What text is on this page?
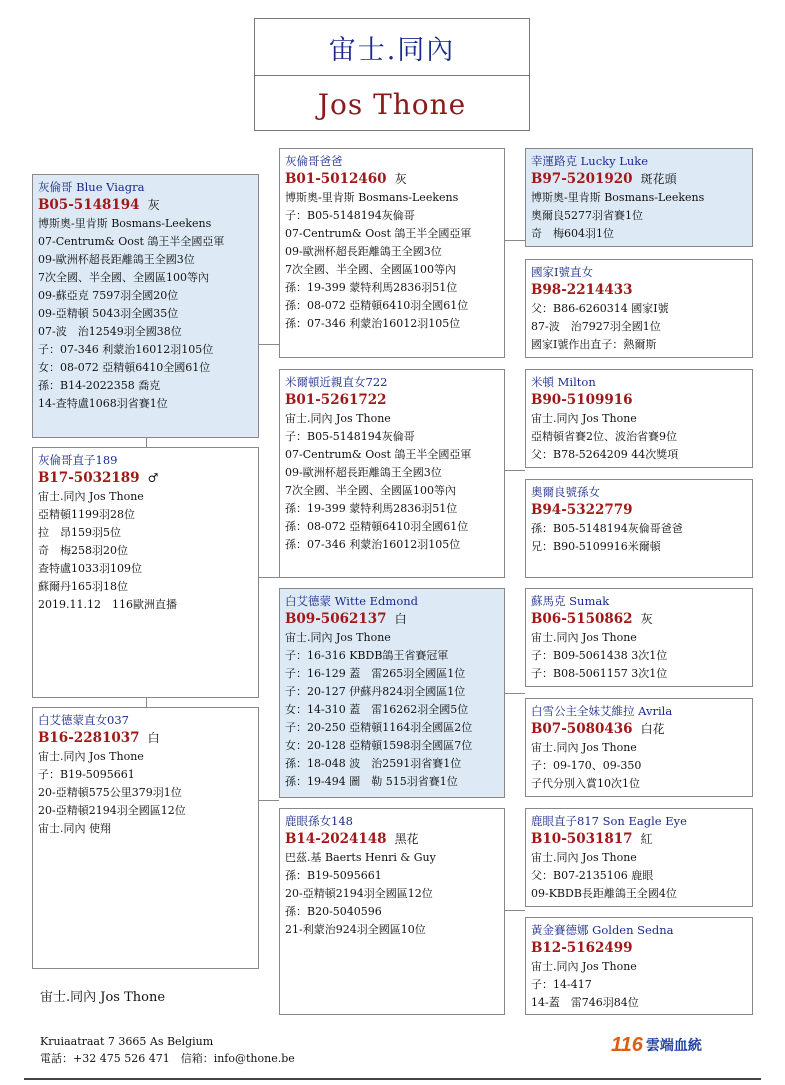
宙士.同內
Jos Thone
灰倫哥 Blue Viagra
B05-5148194 灰
博斯奧-里肯斯 Bosmans-Leekens
07-Centrum& Oost 鴿王半全國亞軍
09-歐洲杯超長距離鴿王全國3位
7次全國、半全國、全國區100等內
09-蘇亞克 7597羽全國20位
09-亞精頓 5043羽全國35位
07-波　治12549羽全國38位
子：07-346 利蒙治16012羽105位
女：08-072 亞精頓6410全國61位
孫：B14-2022358 喬克
14-查特盧1068羽省賽1位
灰倫哥直子189
B17-5032189 ♂
宙士.同內 Jos Thone
亞精頓1199羽28位
拉　昂159羽5位
奇　梅258羽20位
查特盧1033羽109位
蘇爾丹165羽18位
2019.11.12　116歐洲直播
白艾德蒙直女037
B16-2281037 白
宙士.同內 Jos Thone
子：B19-5095661
20-亞精頓575公里379羽1位
20-亞精頓2194羽全國區12位
宙士.同內 使翔
灰倫哥爸爸
B01-5012460 灰
博斯奧-里肯斯 Bosmans-Leekens
子：B05-5148194灰倫哥
07-Centrum& Oost 鴿王半全國亞軍
09-歐洲杯超長距離鴿王全國3位
7次全國、半全國、全國區100等內
孫：19-399 蒙特利馬2836羽51位
孫：08-072 亞精頓6410羽全國61位
孫：07-346 利蒙治16012羽105位
米爾頓近親直女722
B01-5261722
宙士.同內 Jos Thone
子：B05-5148194灰倫哥
07-Centrum& Oost 鴿王半全國亞軍
09-歐洲杯超長距離鴿王全國3位
7次全國、半全國、全國區100等內
孫：19-399 蒙特利馬2836羽51位
孫：08-072 亞精頓6410羽全國61位
孫：07-346 利蒙治16012羽105位
白艾德蒙 Witte Edmond
B09-5062137 白
宙士.同內 Jos Thone
子：16-316 KBDB鴿王省賽冠軍
子：16-129 蓋　雷265羽全國區1位
子：20-127 伊蘇丹824羽全國區1位
女：14-310 蓋　雷16262羽全國5位
子：20-250 亞精頓1164羽全國區2位
女：20-128 亞精頓1598羽全國區7位
孫：18-048 波　治2591羽省賽1位
孫：19-494 圖　勒 515羽省賽1位
鹿眼孫女148
B14-2024148 黑花
巴茲.基 Baerts Henri & Guy
孫：B19-5095661
20-亞精頓2194羽全國區12位
孫：B20-5040596
21-利蒙治924羽全國區10位
幸運路克 Lucky Luke
B97-5201920 斑花頭
博斯奧-里肯斯 Bosmans-Leekens
奧爾良5277羽省賽1位
奇　梅604羽1位
國家Ⅰ號直女
B98-2214433
父：B86-6260314 國家Ⅰ號
87-波　治7927羽全國1位
國家Ⅰ號作出直子：熱爾斯
米頓 Milton
B90-5109916
宙士.同內 Jos Thone
亞精頓省賽2位、波治省賽9位
父：B78-5264209 44次獎項
奧爾良號孫女
B94-5322779
孫：B05-5148194灰倫哥爸爸
兄：B90-5109916米爾頓
蘇馬克 Sumak
B06-5150862 灰
宙士.同內 Jos Thone
子：B09-5061438 3次1位
子：B08-5061157 3次1位
白雪公主全妹艾維拉 Avrila
B07-5080436 白花
宙士.同內 Jos Thone
子：09-170、09-350
子代分別入賞10次1位
鹿眼直子817 Son Eagle Eye
B10-5031817 紅
宙士.同內 Jos Thone
父：B07-2135106 鹿眼
09-KBDB長距離鴿王全國4位
黃金賽德娜 Golden Sedna
B12-5162499
宙士.同內 Jos Thone
子：14-417
14-蓋　雷746羽84位
宙士.同內 Jos Thone
Kruiaatraat 7 3665 As Belgium
電話：+32 475 526 471　信箱：info@thone.be
116 雲端血統
